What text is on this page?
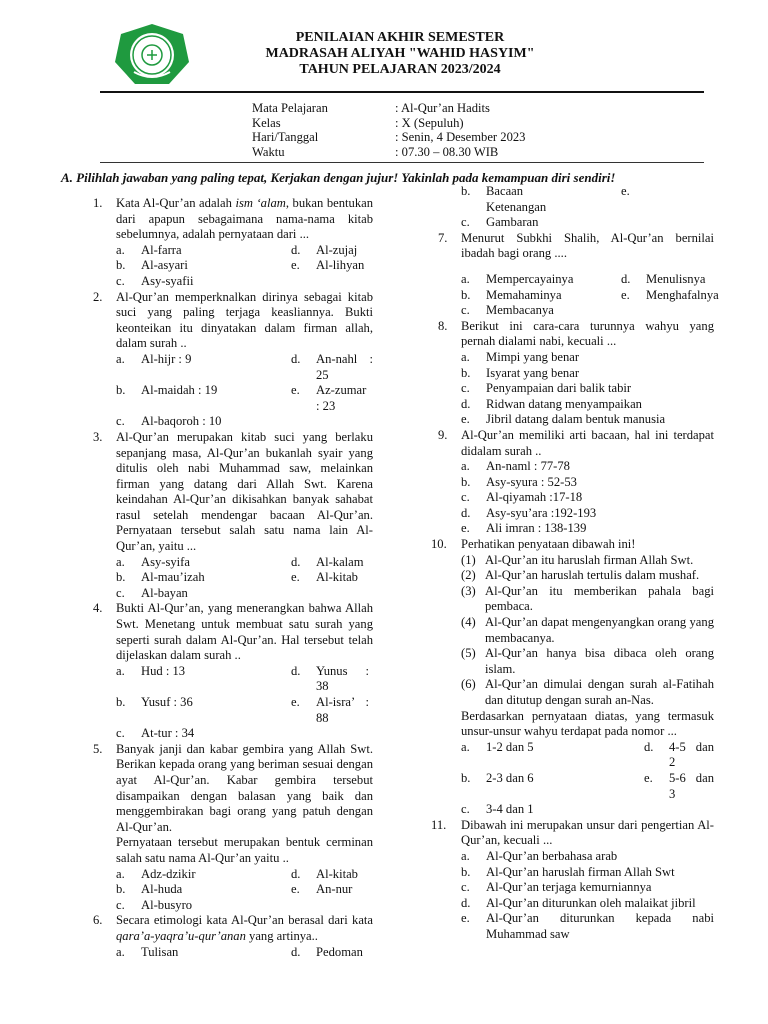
PENILAIAN AKHIR SEMESTER
MADRASAH ALIYAH "WAHID HASYIM"
TAHUN PELAJARAN 2023/2024
Mata Pelajaran	: Al-Qur’an Hadits
Kelas	: X (Sepuluh)
Hari/Tanggal	: Senin, 4 Desember 2023
Waktu	: 07.30 – 08.30 WIB
A. Pilihlah jawaban yang paling tepat, Kerjakan dengan jujur! Yakinlah pada kemampuan diri sendiri!
1. Kata Al-Qur’an adalah ism ‘alam, bukan bentukan dari apapun sebagaimana nama-nama kitab sebelumnya, adalah pernyataan dari ...
a.	Al-farra	d.	Al-zujaj
b.	Al-asyari	e.	Al-lihyan
c.	Asy-syafii
2. Al-Qur’an memperknalkan dirinya sebagai kitab suci yang paling terjaga keasliannya. Bukti keonteikan itu dinyatakan dalam firman allah, dalam surah ..
a.	Al-hijr : 9	d.	An-nahl : 25
b.	Al-maidah : 19	e.	Az-zumar : 23
c.	Al-baqoroh : 10
3. Al-Qur’an merupakan kitab suci yang berlaku sepanjang masa, Al-Qur’an bukanlah syair yang ditulis oleh nabi Muhammad saw, melainkan firman yang datang dari Allah Swt. Karena keindahan Al-Qur’an dikisahkan banyak sahabat rasul setelah mendengar bacaan Al-Qur’an. Pernyataan tersebut salah satu nama lain Al-Qur’an, yaitu ...
a.	Asy-syifa	d.	Al-kalam
b.	Al-mau’izah	e.	Al-kitab
c.	Al-bayan
4. Bukti Al-Qur’an, yang menerangkan bahwa Allah Swt. Menetang untuk membuat satu surah yang seperti surah dalam Al-Qur’an. Hal tersebut telah dijelaskan dalam surah ..
a.	Hud : 13	d.	Yunus : 38
b.	Yusuf : 36	e.	Al-isra’ : 88
c.	At-tur : 34
5. Banyak janji dan kabar gembira yang Allah Swt. Berikan kepada orang yang beriman sesuai dengan ayat Al-Qur’an. Kabar gembira tersebut disampaikan dengan balasan yang baik dan menggembirakan bagi orang yang patuh dengan Al-Qur’an.
Pernyataan tersebut merupakan bentuk cerminan salah satu nama Al-Qur’an yaitu ..
a.	Adz-dzikir	d.	Al-kitab
b.	Al-huda	e.	An-nur
c.	Al-busyro
6. Secara etimologi kata Al-Qur’an berasal dari kata qara’a-yaqra’u-qur’anan yang artinya..
a.	Tulisan	d.	Pedoman
b.	Bacaan	e.
Ketenangan
c.	Gambaran
7. Menurut Subkhi Shalih, Al-Qur’an bernilai ibadah bagi orang ....
a.	Mempercayainya	d.	Menulisnya
b.	Memahaminya	e.	Menghafalnya
c.	Membacanya
8. Berikut ini cara-cara turunnya wahyu yang pernah dialami nabi, kecuali ...
a.	Mimpi yang benar
b.	Isyarat yang benar
c.	Penyampaian dari balik tabir
d.	Ridwan datang menyampaikan
e.	Jibril datang dalam bentuk manusia
9. Al-Qur’an memiliki arti bacaan, hal ini terdapat didalam surah ..
a.	An-naml : 77-78
b.	Asy-syura : 52-53
c.	Al-qiyamah :17-18
d.	Asy-syu’ara :192-193
e.	Ali imran : 138-139
10. Perhatikan penyataan dibawah ini!
(1) Al-Qur’an itu haruslah firman Allah Swt.
(2) Al-Qur’an haruslah tertulis dalam mushaf.
(3) Al-Qur’an itu memberikan pahala bagi pembaca.
(4) Al-Qur’an dapat mengenyangkan orang yang membacanya.
(5) Al-Qur’an hanya bisa dibaca oleh orang islam.
(6) Al-Qur’an dimulai dengan surah al-Fatihah dan ditutup dengan surah an-Nas.
Berdasarkan pernyataan diatas, yang termasuk unsur-unsur wahyu terdapat pada nomor ...
a.	1-2 dan 5	d.	4-5 dan 2
b.	2-3 dan 6	e.	5-6 dan 3
c.	3-4 dan 1
11. Dibawah ini merupakan unsur dari pengertian Al-Qur’an, kecuali ...
a.	Al-Qur’an berbahasa arab
b.	Al-Qur’an haruslah firman Allah Swt
c.	Al-Qur’an terjaga kemurniannya
d.	Al-Qur’an diturunkan oleh malaikat jibril
e.	Al-Qur’an diturunkan kepada nabi Muhammad saw
